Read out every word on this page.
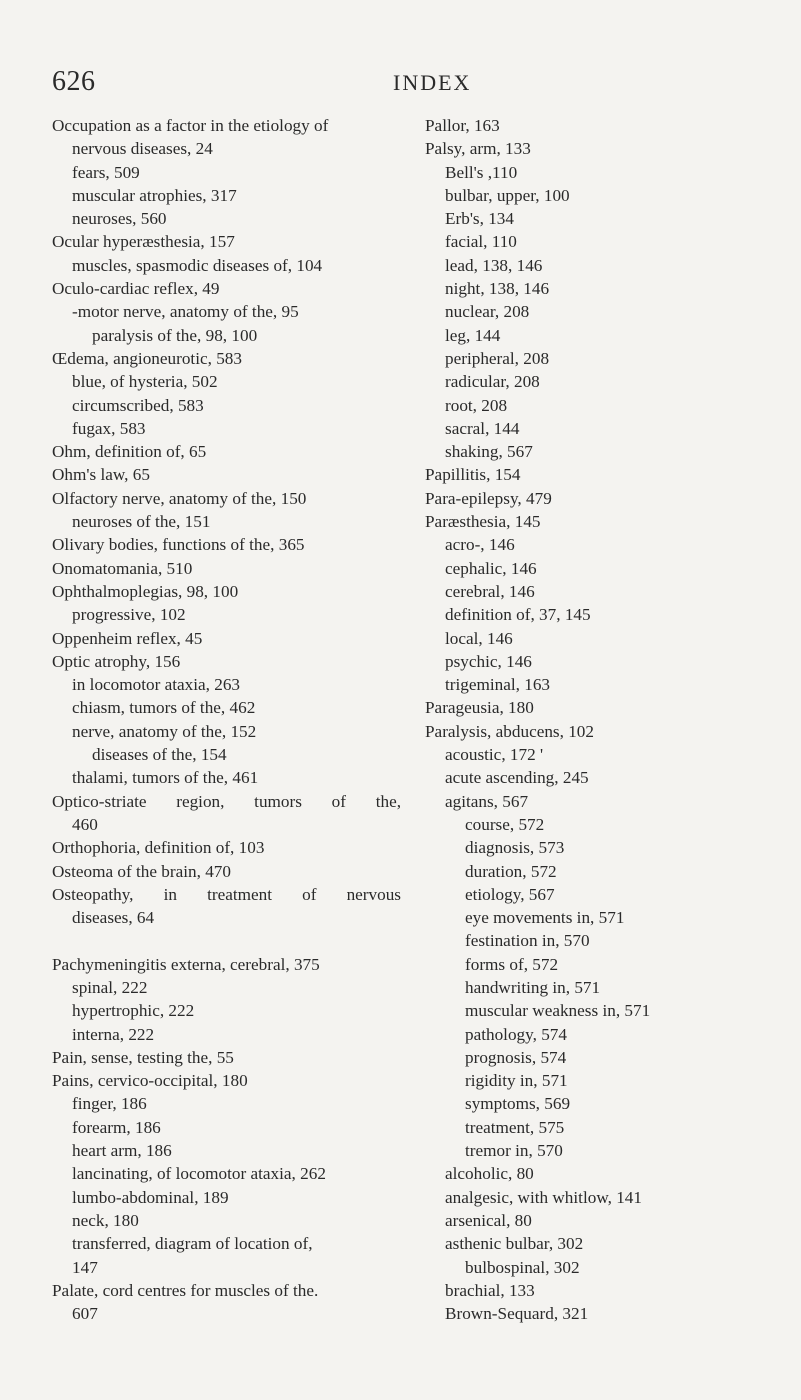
626	INDEX
Occupation as a factor in the etiology of
nervous diseases, 24
fears, 509
muscular atrophies, 317
neuroses, 560
Ocular hyperæsthesia, 157
muscles, spasmodic diseases of, 104
Oculo-cardiac reflex, 49
-motor nerve, anatomy of the, 95
paralysis of the, 98, 100
Œdema, angioneurotic, 583
blue, of hysteria, 502
circumscribed, 583
fugax, 583
Ohm, definition of, 65
Ohm's law, 65
Olfactory nerve, anatomy of the, 150
neuroses of the, 151
Olivary bodies, functions of the, 365
Onomatomania, 510
Ophthalmoplegias, 98, 100
progressive, 102
Oppenheim reflex, 45
Optic atrophy, 156
in locomotor ataxia, 263
chiasm, tumors of the, 462
nerve, anatomy of the, 152
diseases of the, 154
thalami, tumors of the, 461
Optico-striate region, tumors of the,
460
Orthophoria, definition of, 103
Osteoma of the brain, 470
Osteopathy, in treatment of nervous
diseases, 64
Pachymeningitis externa, cerebral, 375
spinal, 222
hypertrophic, 222
interna, 222
Pain, sense, testing the, 55
Pains, cervico-occipital, 180
finger, 186
forearm, 186
heart arm, 186
lancinating, of locomotor ataxia, 262
lumbo-abdominal, 189
neck, 180
transferred, diagram of location of,
147
Palate, cord centres for muscles of the.
607
Pallor, 163
Palsy, arm, 133
Bell's ,110
bulbar, upper, 100
Erb's, 134
facial, 110
lead, 138, 146
night, 138, 146
nuclear, 208
leg, 144
peripheral, 208
radicular, 208
root, 208
sacral, 144
shaking, 567
Papillitis, 154
Para-epilepsy, 479
Paræsthesia, 145
acro-, 146
cephalic, 146
cerebral, 146
definition of, 37, 145
local, 146
psychic, 146
trigeminal, 163
Parageusia, 180
Paralysis, abducens, 102
acoustic, 172 '
acute ascending, 245
agitans, 567
course, 572
diagnosis, 573
duration, 572
etiology, 567
eye movements in, 571
festination in, 570
forms of, 572
handwriting in, 571
muscular weakness in, 571
pathology, 574
prognosis, 574
rigidity in, 571
symptoms, 569
treatment, 575
tremor in, 570
alcoholic, 80
analgesic, with whitlow, 141
arsenical, 80
asthenic bulbar, 302
bulbospinal, 302
brachial, 133
Brown-Sequard, 321
